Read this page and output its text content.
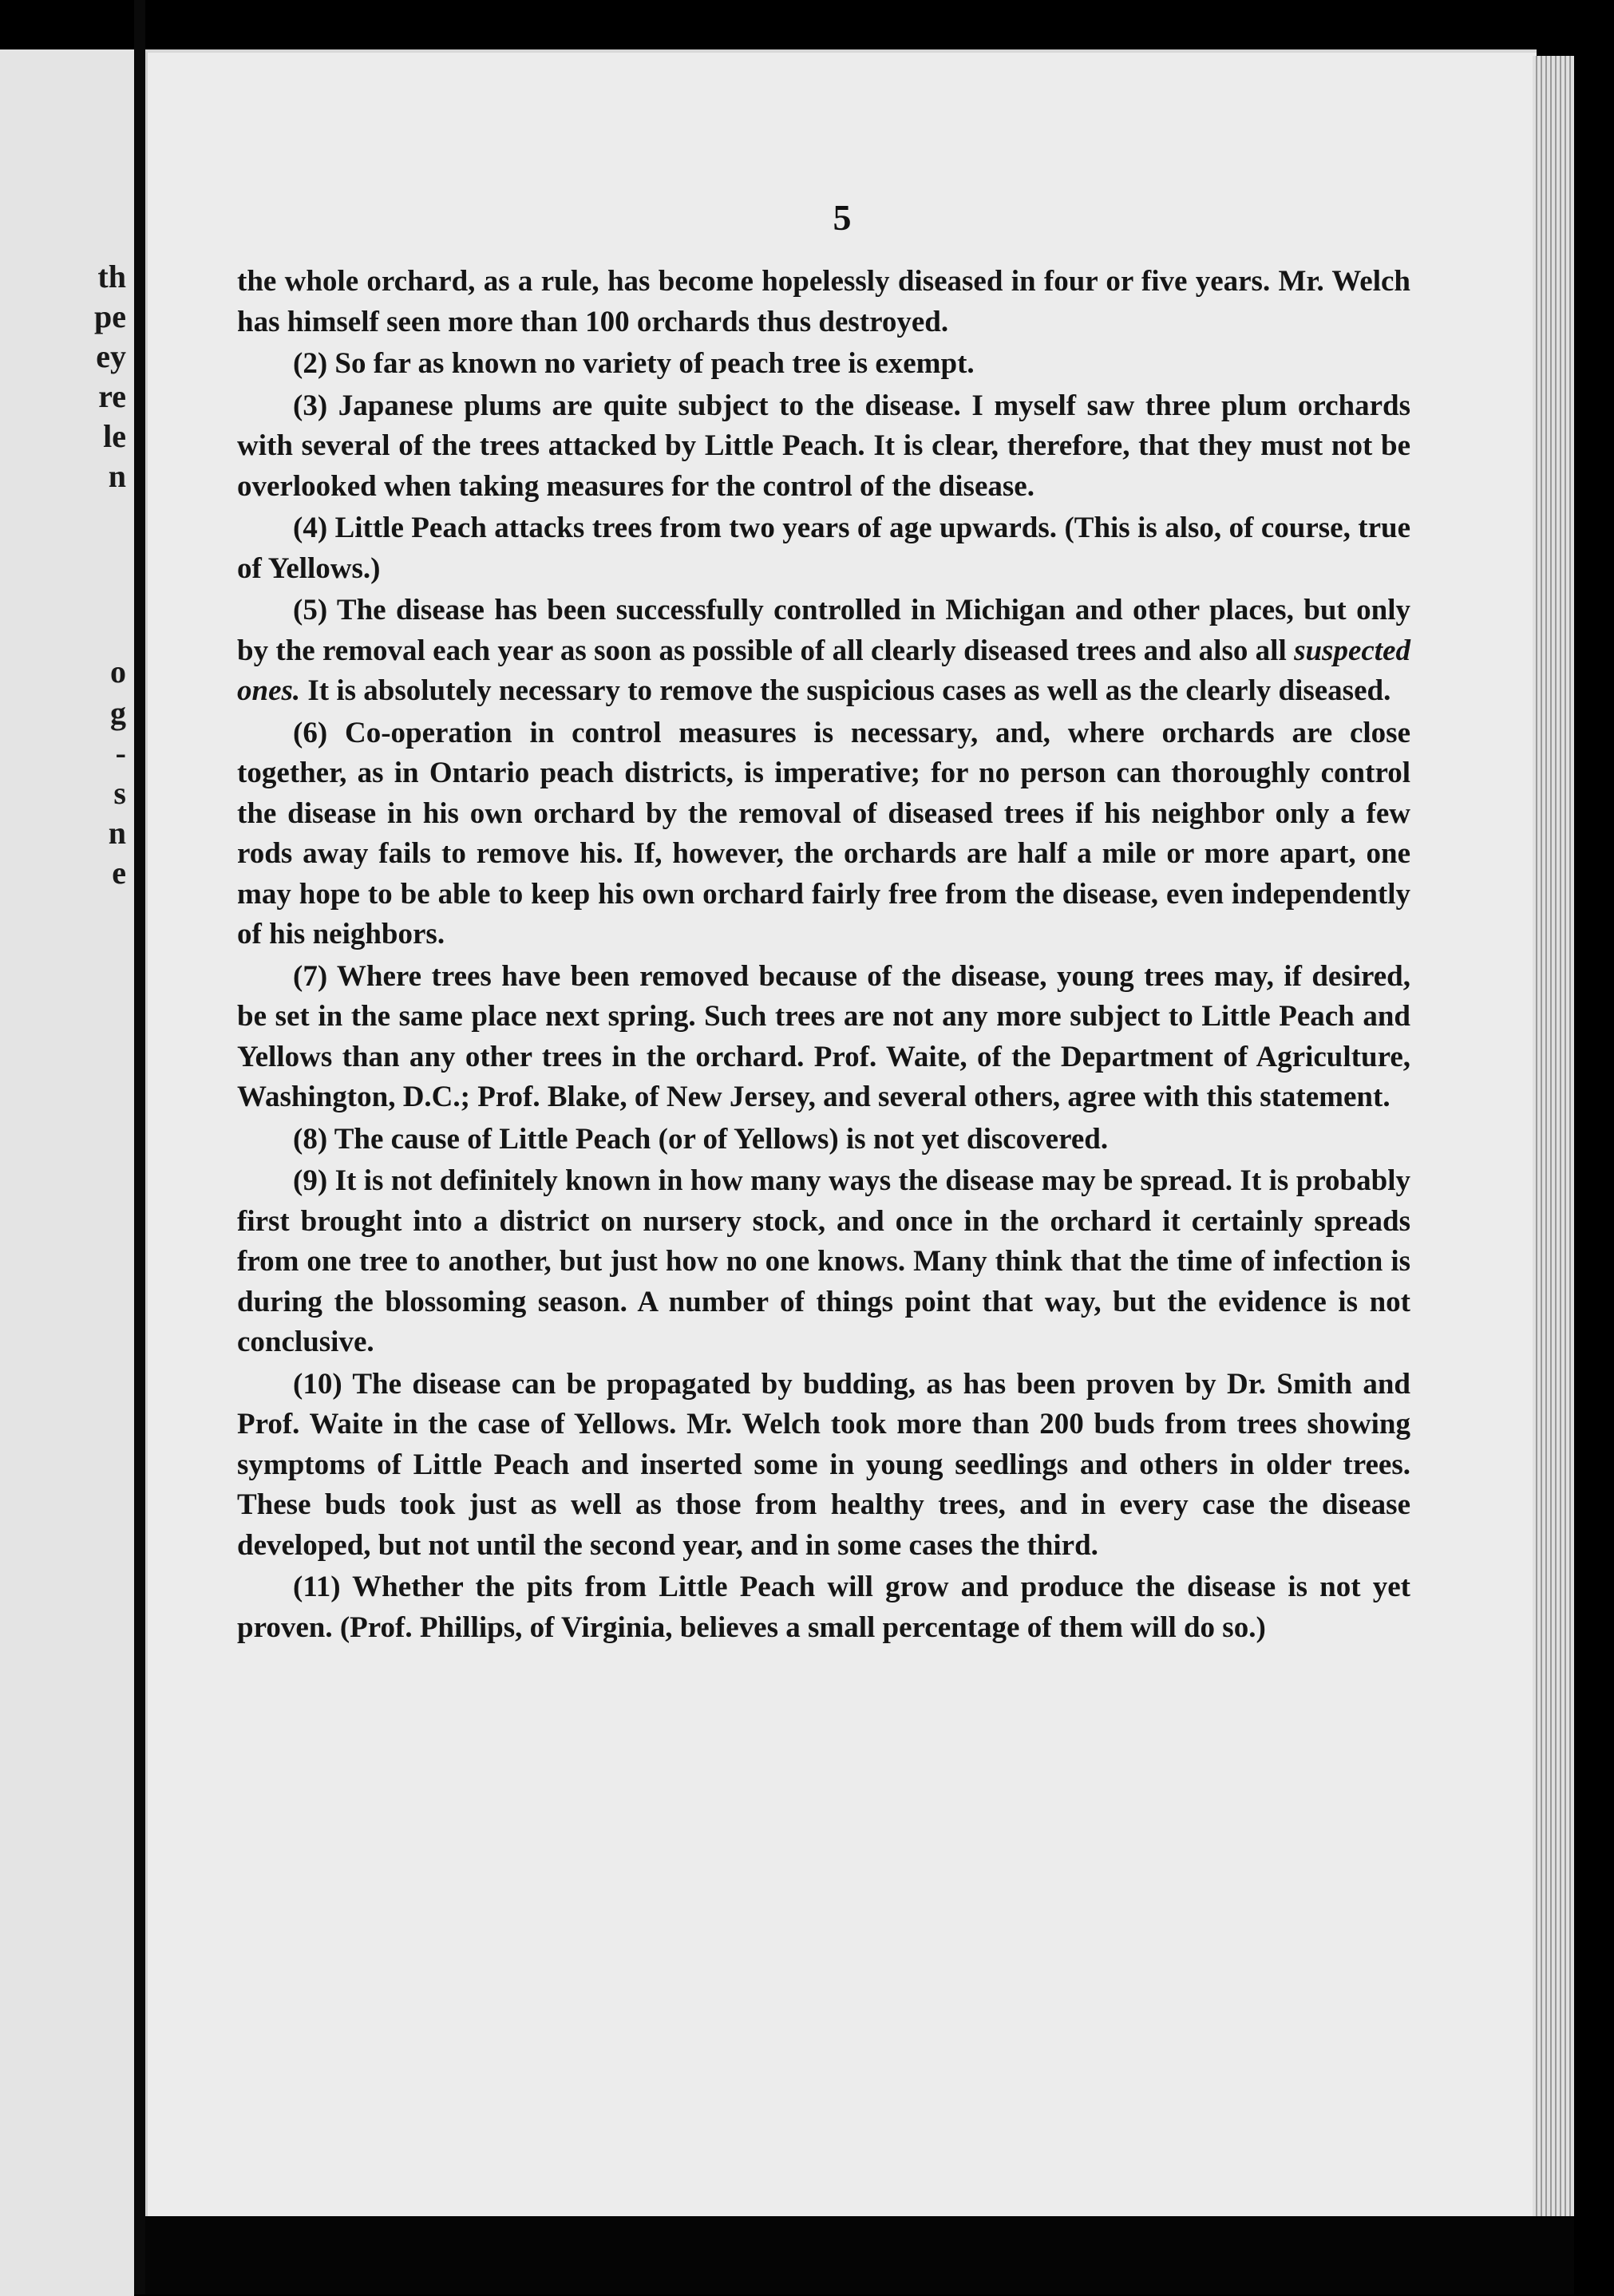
th
pe
ey
re
le
n
o
g
-
s
n
e
5

the whole orchard, as a rule, has become hopelessly diseased in four or five years. Mr. Welch has himself seen more than 100 orchards thus destroyed.

(2) So far as known no variety of peach tree is exempt.

(3) Japanese plums are quite subject to the disease. I myself saw three plum orchards with several of the trees attacked by Little Peach. It is clear, therefore, that they must not be overlooked when taking measures for the control of the disease.

(4) Little Peach attacks trees from two years of age upwards. (This is also, of course, true of Yellows.)

(5) The disease has been successfully controlled in Michigan and other places, but only by the removal each year as soon as possible of all clearly diseased trees and also all suspected ones. It is absolutely necessary to remove the suspicious cases as well as the clearly diseased.

(6) Co-operation in control measures is necessary, and, where orchards are close together, as in Ontario peach districts, is imperative; for no person can thoroughly control the disease in his own orchard by the removal of diseased trees if his neighbor only a few rods away fails to remove his. If, however, the orchards are half a mile or more apart, one may hope to be able to keep his own orchard fairly free from the disease, even independently of his neighbors.

(7) Where trees have been removed because of the disease, young trees may, if desired, be set in the same place next spring. Such trees are not any more subject to Little Peach and Yellows than any other trees in the orchard. Prof. Waite, of the Department of Agriculture, Washington, D.C.; Prof. Blake, of New Jersey, and several others, agree with this statement.

(8) The cause of Little Peach (or of Yellows) is not yet discovered.

(9) It is not definitely known in how many ways the disease may be spread. It is probably first brought into a district on nursery stock, and once in the orchard it certainly spreads from one tree to another, but just how no one knows. Many think that the time of infection is during the blossoming season. A number of things point that way, but the evidence is not conclusive.

(10) The disease can be propagated by budding, as has been proven by Dr. Smith and Prof. Waite in the case of Yellows. Mr. Welch took more than 200 buds from trees showing symptoms of Little Peach and inserted some in young seedlings and others in older trees. These buds took just as well as those from healthy trees, and in every case the disease developed, but not until the second year, and in some cases the third.

(11) Whether the pits from Little Peach will grow and produce the disease is not yet proven. (Prof. Phillips, of Virginia, believes a small percentage of them will do so.)
